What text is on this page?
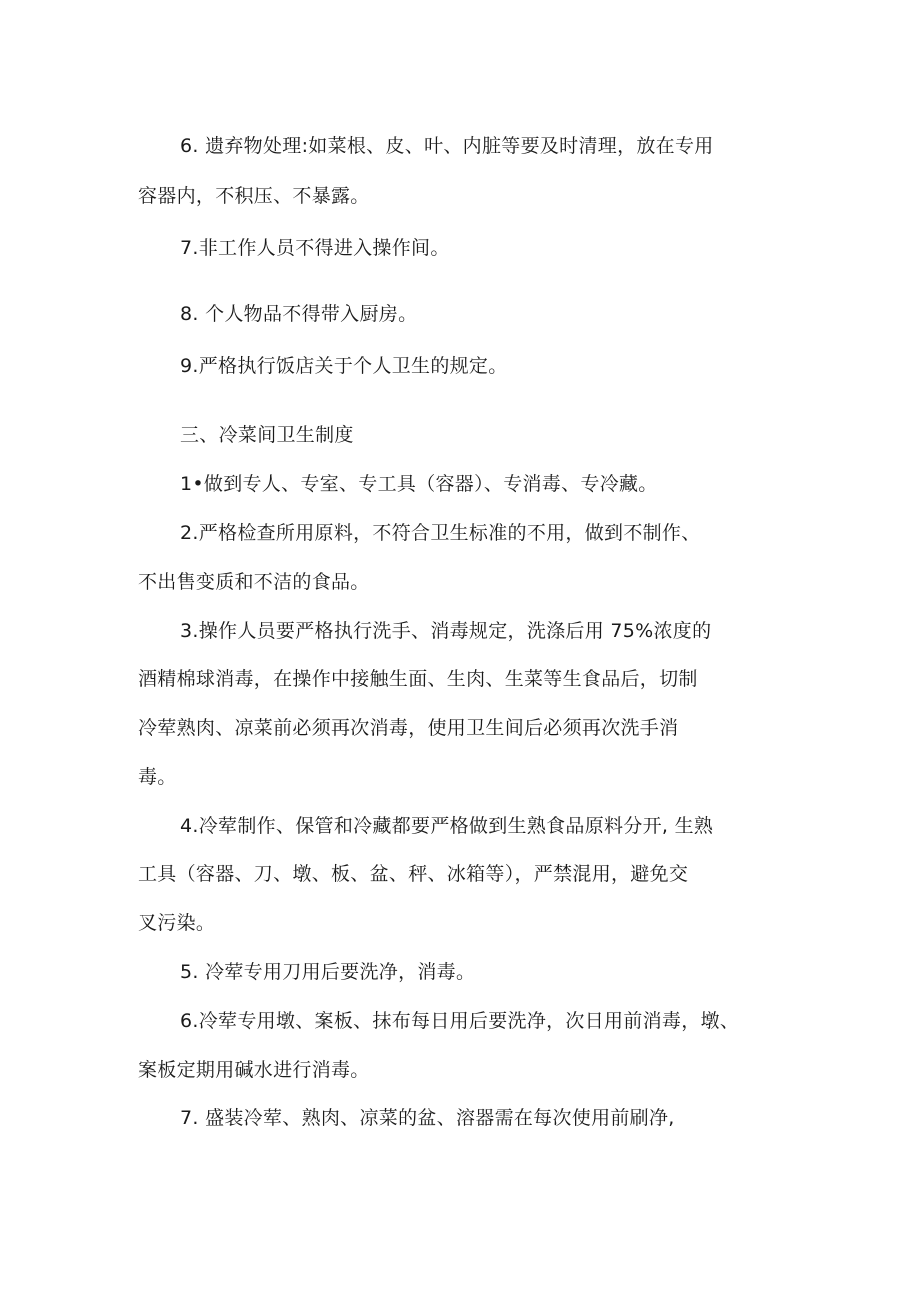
6. 遗弃物处理:如菜根、皮、叶、内脏等要及时清理，放在专用
容器内，不积压、不暴露。
7.非工作人员不得进入操作间。
8. 个人物品不得带入厨房。
9.严格执行饭店关于个人卫生的规定。
三、冷菜间卫生制度
1•做到专人、专室、专工具（容器）、专消毒、专冷藏。
2.严格检查所用原料，不符合卫生标准的不用，做到不制作、
不出售变质和不洁的食品。
3.操作人员要严格执行洗手、消毒规定，洗涤后用 75%浓度的
酒精棉球消毒，在操作中接触生面、生肉、生菜等生食品后，切制
冷荤熟肉、凉菜前必须再次消毒，使用卫生间后必须再次洗手消
毒。
4.冷荤制作、保管和冷藏都要严格做到生熟食品原料分开, 生熟
工具（容器、刀、墩、板、盆、秤、冰箱等），严禁混用，避免交
叉污染。
5. 冷荤专用刀用后要洗净，消毒。
6.冷荤专用墩、案板、抹布每日用后要洗净，次日用前消毒，墩、
案板定期用碱水进行消毒。
7. 盛装冷荤、熟肉、凉菜的盆、溶器需在每次使用前刷净,
